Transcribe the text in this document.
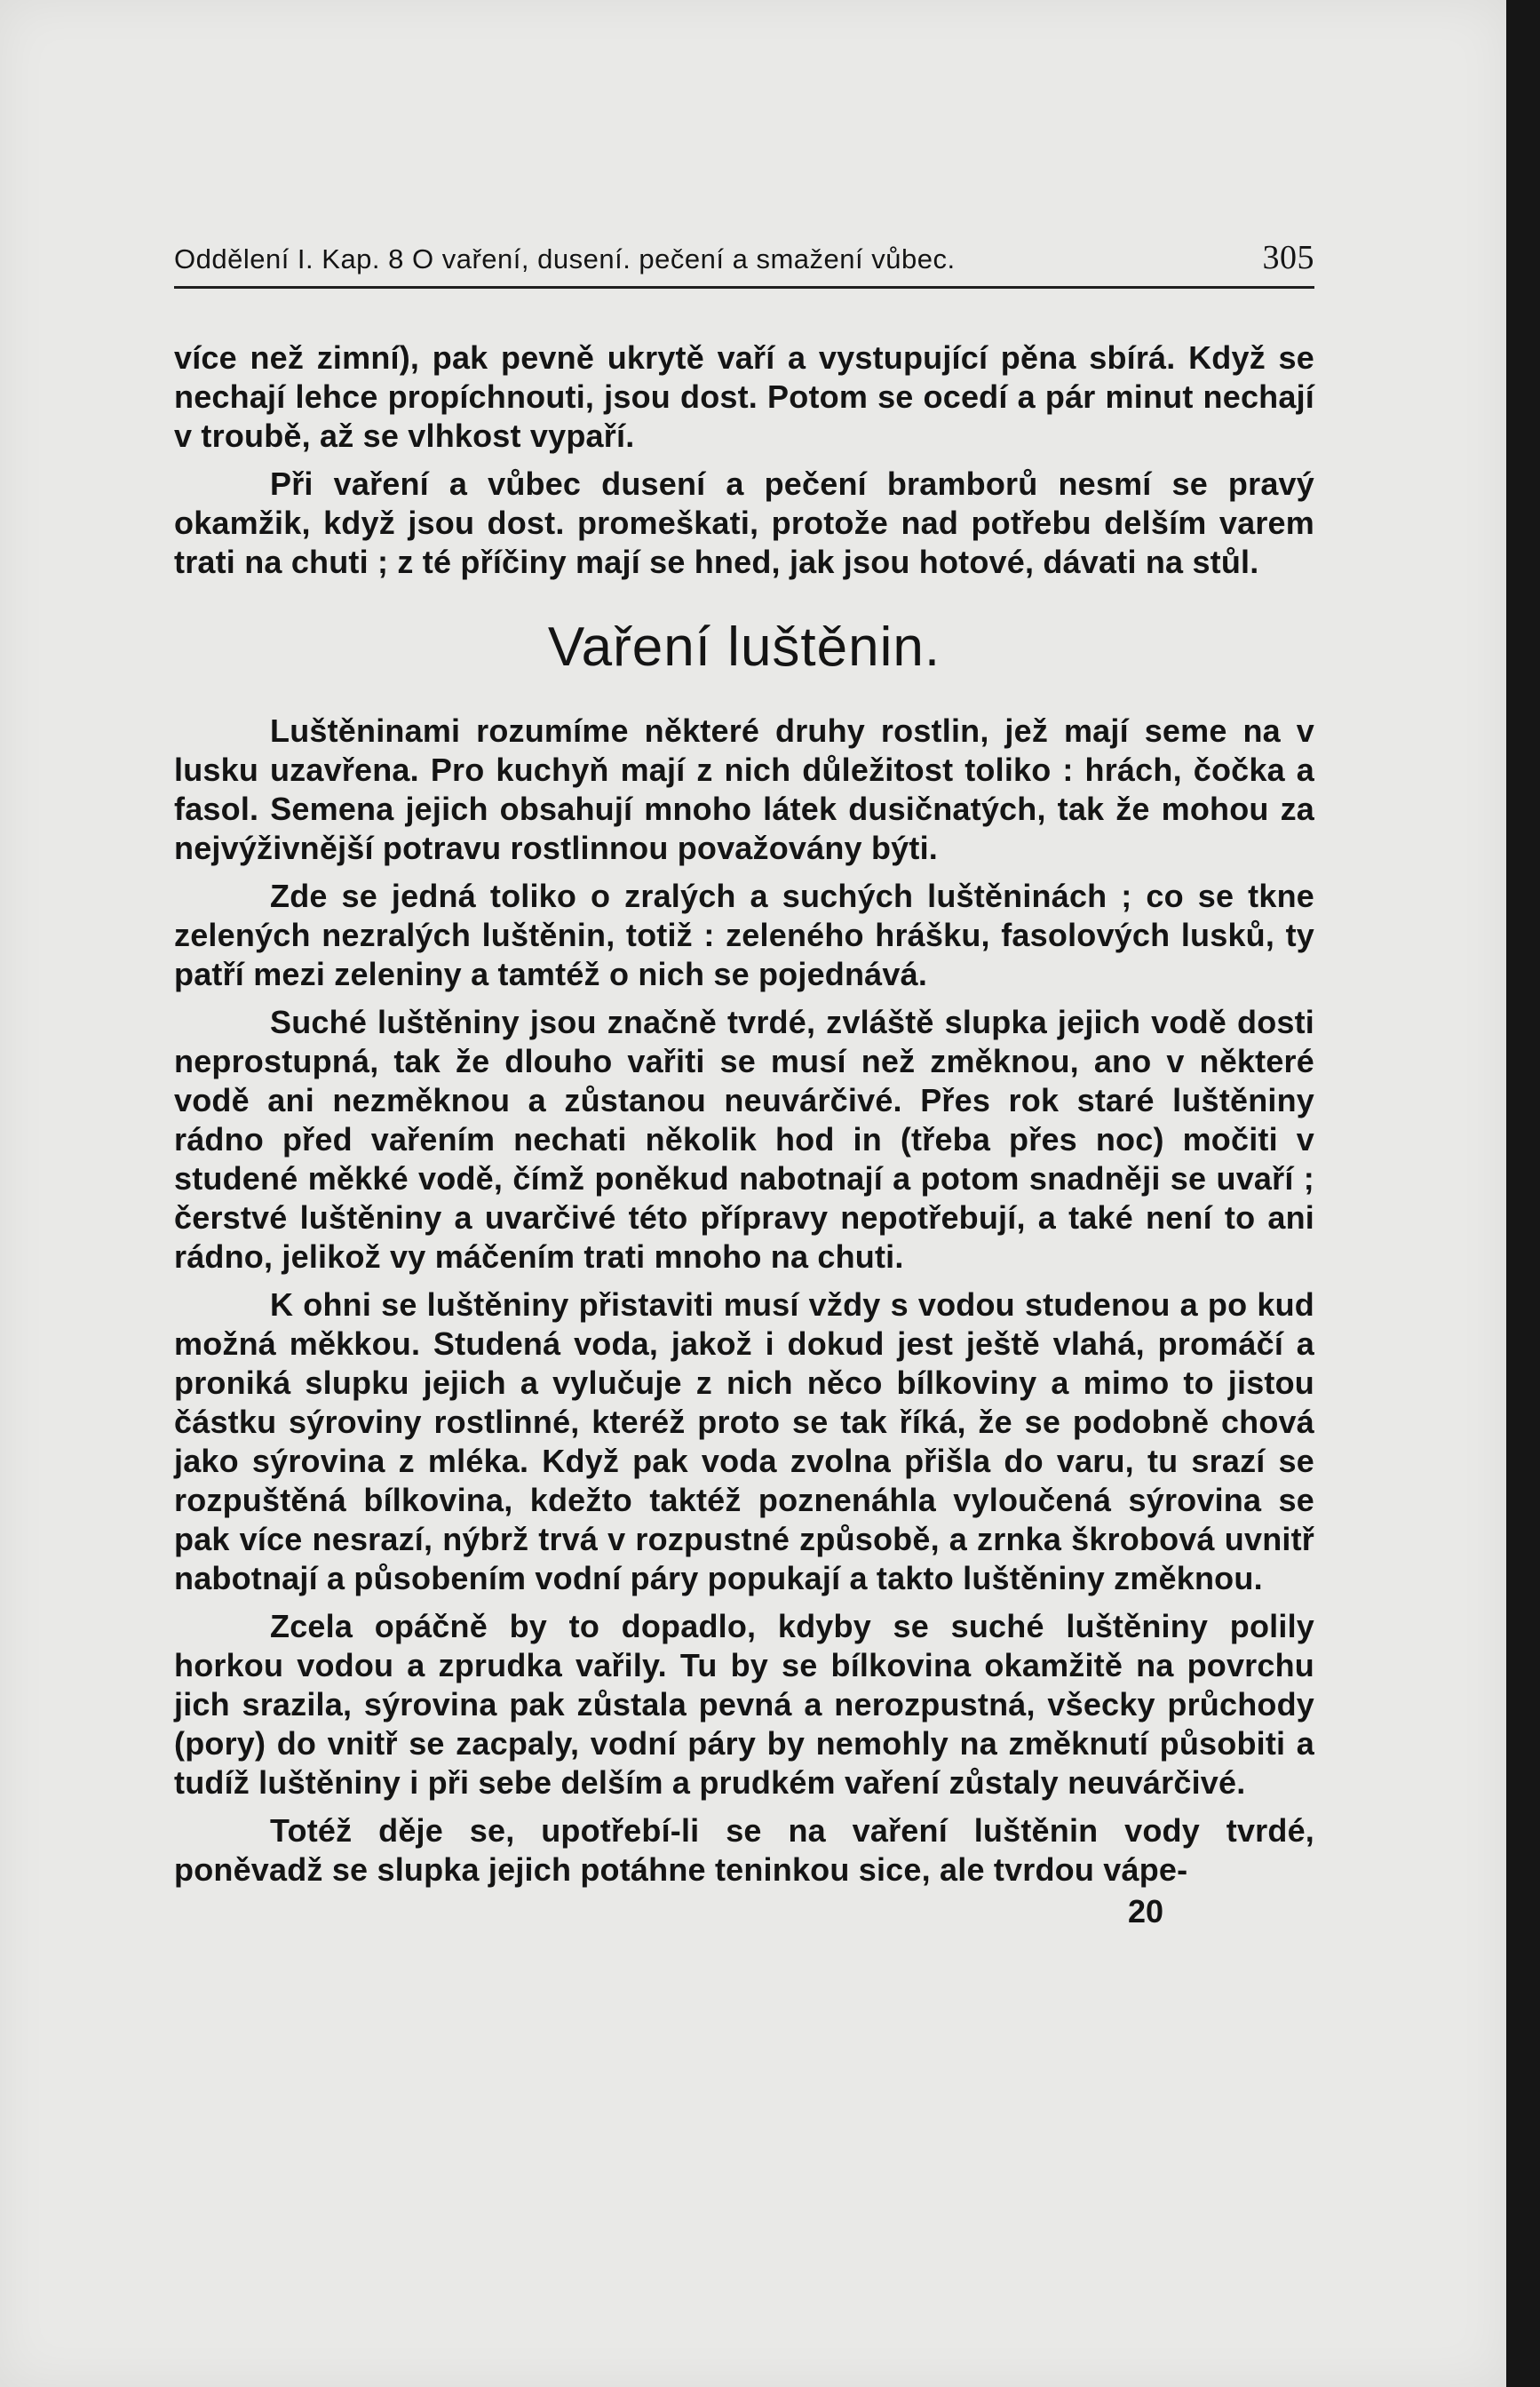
Oddělení I. Kap. 8 O vaření, dusení. pečení a smažení vůbec.	305

více než zimní), pak pevně ukrytě vaří a vystupující pěna sbírá. Když se nechají lehce propíchnouti, jsou dost. Potom se ocedí a pár minut nechají v troubě, až se vlhkost vypaří.

Při vaření a vůbec dusení a pečení bramborů nesmí se pravý okamžik, když jsou dost. promeškati, protože nad potřebu delším varem trati na chuti ; z té příčiny mají se hned, jak jsou hotové, dávati na stůl.

Vaření luštěnin.

Luštěninami rozumíme některé druhy rostlin, jež mají seme na v lusku uzavřena. Pro kuchyň mají z nich důležitost toliko : hrách, čočka a fasol. Semena jejich obsahují mnoho látek dusičnatých, tak že mohou za nejvýživnější potravu rostlinnou považovány býti.

Zde se jedná toliko o zralých a suchých luštěninách ; co se tkne zelených nezralých luštěnin, totiž : zeleného hrášku, fasolových lusků, ty patří mezi zeleniny a tamtéž o nich se pojednává.

Suché luštěniny jsou značně tvrdé, zvláště slupka jejich vodě dosti neprostupná, tak že dlouho vařiti se musí než změknou, ano v některé vodě ani nezměknou a zůstanou neuvárčivé. Přes rok staré luštěniny rádno před vařením nechati několik hod in (třeba přes noc) močiti v studené měkké vodě, čímž poněkud nabotnají a potom snadněji se uvaří ; čerstvé luštěniny a uvarčivé této přípravy nepotřebují, a také není to ani rádno, jelikož vy máčením trati mnoho na chuti.

K ohni se luštěniny přistaviti musí vždy s vodou studenou a po kud možná měkkou. Studená voda, jakož i dokud jest ještě vlahá, promáčí a proniká slupku jejich a vylučuje z nich něco bílkoviny a mimo to jistou částku sýroviny rostlinné, kteréž proto se tak říká, že se podobně chová jako sýrovina z mléka. Když pak voda zvolna přišla do varu, tu srazí se rozpuštěná bílkovina, kdežto taktéž poznenáhla vyloučená sýrovina se pak více nesrazí, nýbrž trvá v rozpustné způsobě, a zrnka škrobová uvnitř nabotnají a působením vodní páry popukají a takto luštěniny změknou.

Zcela opáčně by to dopadlo, kdyby se suché luštěniny polily horkou vodou a zprudka vařily. Tu by se bílkovina okamžitě na povrchu jich srazila, sýrovina pak zůstala pevná a nerozpustná, všecky průchody (pory) do vnitř se zacpaly, vodní páry by nemohly na změknutí působiti a tudíž luštěniny i při sebe delším a prudkém vaření zůstaly neuvárčivé.

Totéž děje se, upotřebí-li se na vaření luštěnin vody tvrdé, poněvadž se slupka jejich potáhne teninkou sice, ale tvrdou vápe-

20
